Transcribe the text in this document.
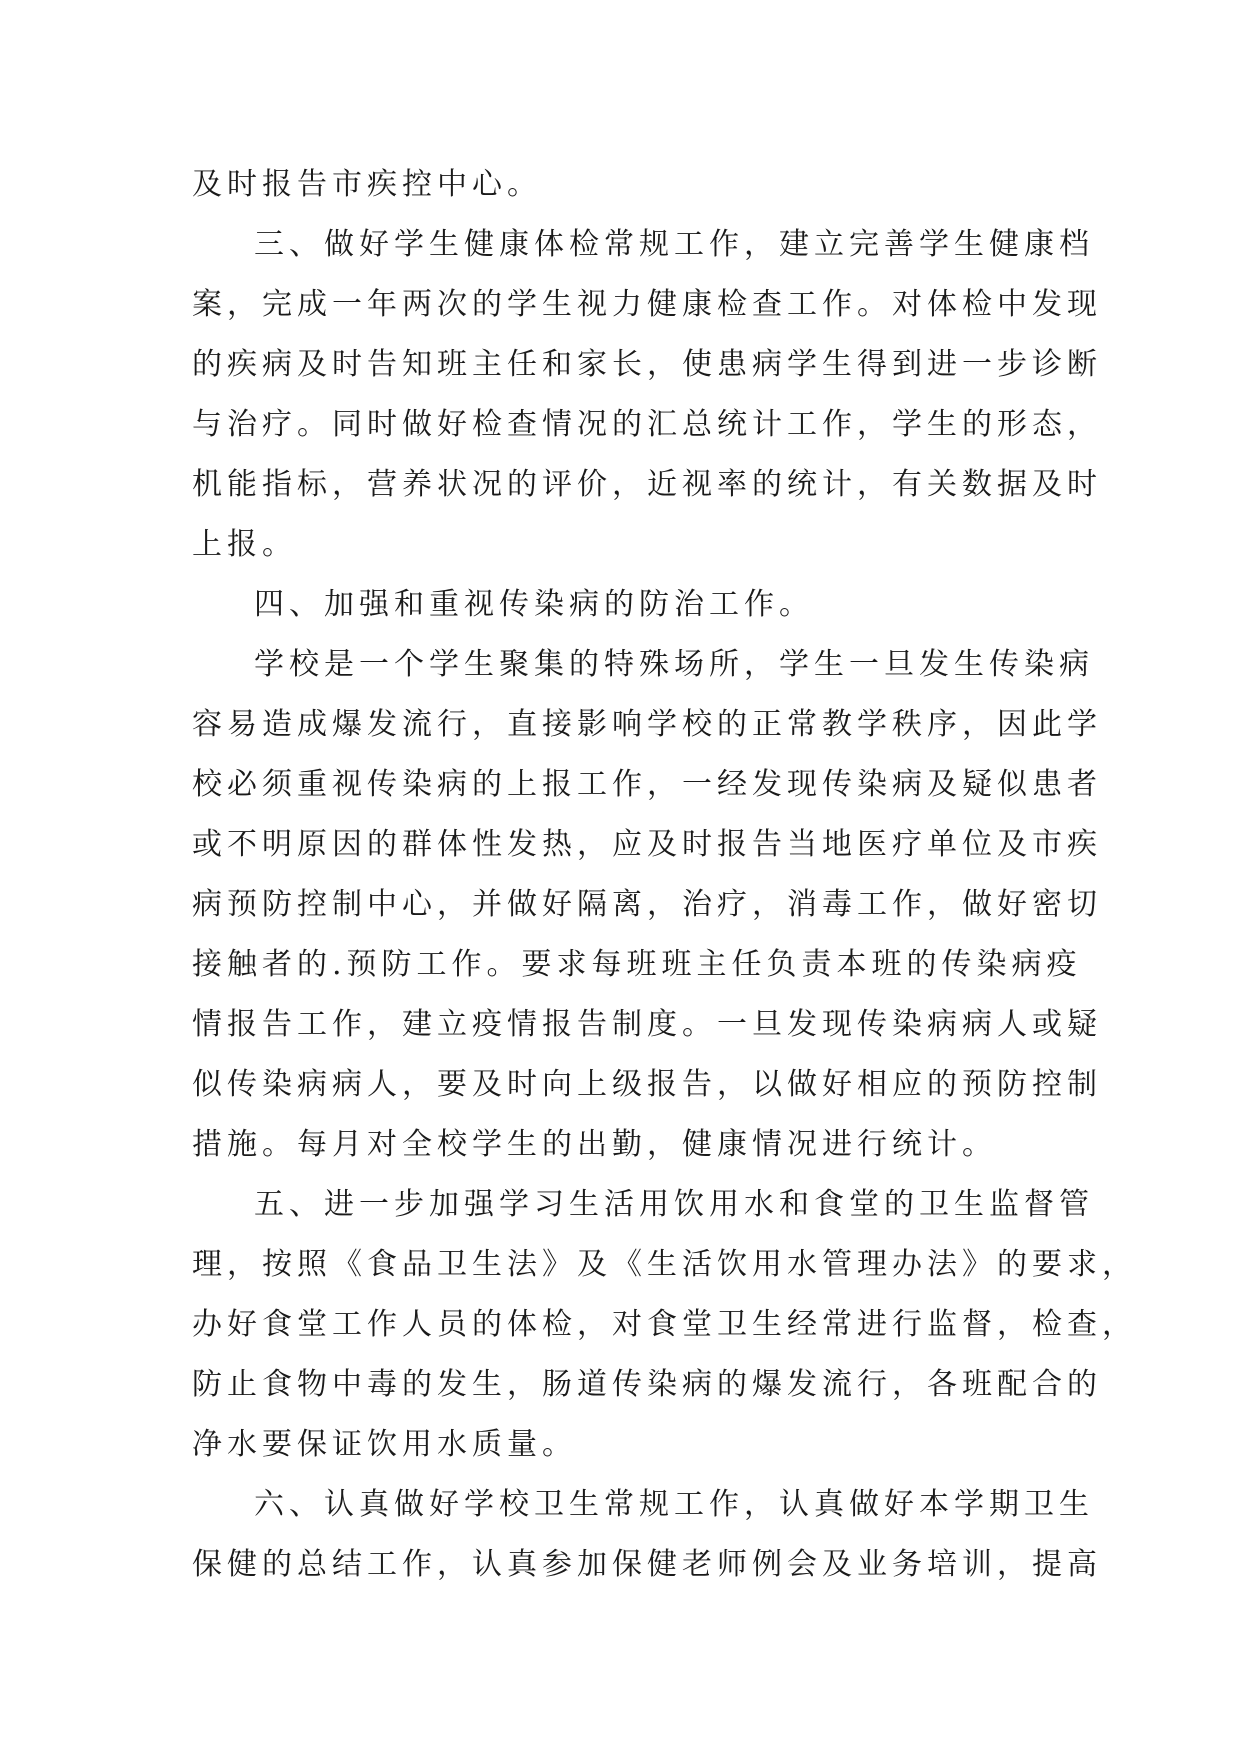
及时报告市疾控中心。
三、做好学生健康体检常规工作，建立完善学生健康档
案，完成一年两次的学生视力健康检查工作。对体检中发现
的疾病及时告知班主任和家长，使患病学生得到进一步诊断
与治疗。同时做好检查情况的汇总统计工作，学生的形态，
机能指标，营养状况的评价，近视率的统计，有关数据及时
上报。
四、加强和重视传染病的防治工作。
学校是一个学生聚集的特殊场所，学生一旦发生传染病
容易造成爆发流行，直接影响学校的正常教学秩序，因此学
校必须重视传染病的上报工作，一经发现传染病及疑似患者
或不明原因的群体性发热，应及时报告当地医疗单位及市疾
病预防控制中心，并做好隔离，治疗，消毒工作，做好密切
接触者的.预防工作。要求每班班主任负责本班的传染病疫
情报告工作，建立疫情报告制度。一旦发现传染病病人或疑
似传染病病人，要及时向上级报告，以做好相应的预防控制
措施。每月对全校学生的出勤，健康情况进行统计。
五、进一步加强学习生活用饮用水和食堂的卫生监督管
理，按照《食品卫生法》及《生活饮用水管理办法》的要求，
办好食堂工作人员的体检，对食堂卫生经常进行监督，检查，
防止食物中毒的发生，肠道传染病的爆发流行，各班配合的
净水要保证饮用水质量。
六、认真做好学校卫生常规工作，认真做好本学期卫生
保健的总结工作，认真参加保健老师例会及业务培训，提高
